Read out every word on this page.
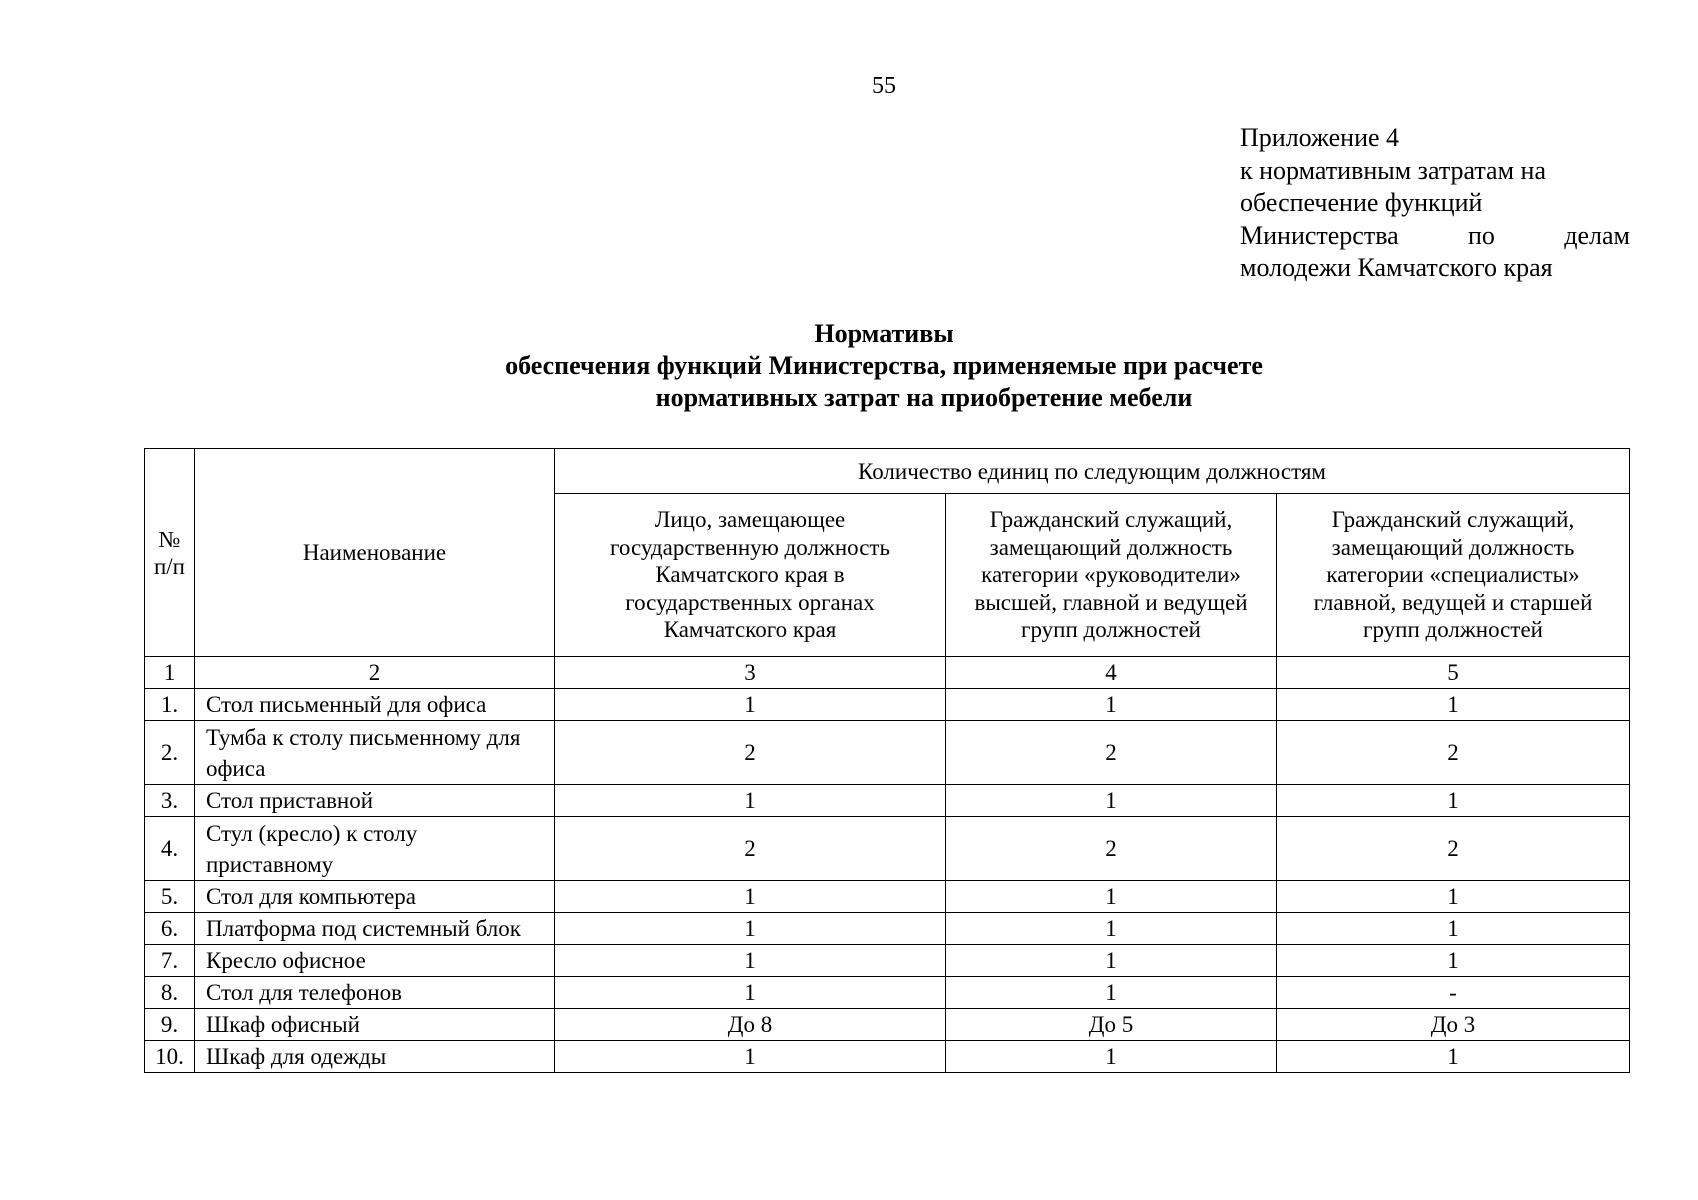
55
Приложение 4
к нормативным затратам на
обеспечение функций
Министерства	по	делам
молодежи Камчатского края
Нормативы
обеспечения функций Министерства, применяемые при расчете
нормативных затрат на приобретение мебели
№ п/п	Наименование	Количество единиц по следующим должностям		
		Лицо, замещающее государственную должность Камчатского края в государственных органах Камчатского края	Гражданский служащий, замещающий должность категории «руководители» высшей, главной и ведущей групп должностей	Гражданский служащий, замещающий должность категории «специалисты» главной, ведущей и старшей групп должностей
1	2	3	4	5
1.	Стол письменный для офиса	1	1	1
2.	Тумба к столу письменному для офиса	2	2	2
3.	Стол приставной	1	1	1
4.	Стул (кресло) к столу приставному	2	2	2
5.	Стол для компьютера	1	1	1
6.	Платформа под системный блок	1	1	1
7.	Кресло офисное	1	1	1
8.	Стол для телефонов	1	1	-
9.	Шкаф офисный	До 8	До 5	До 3
10.	Шкаф для одежды	1	1	1
